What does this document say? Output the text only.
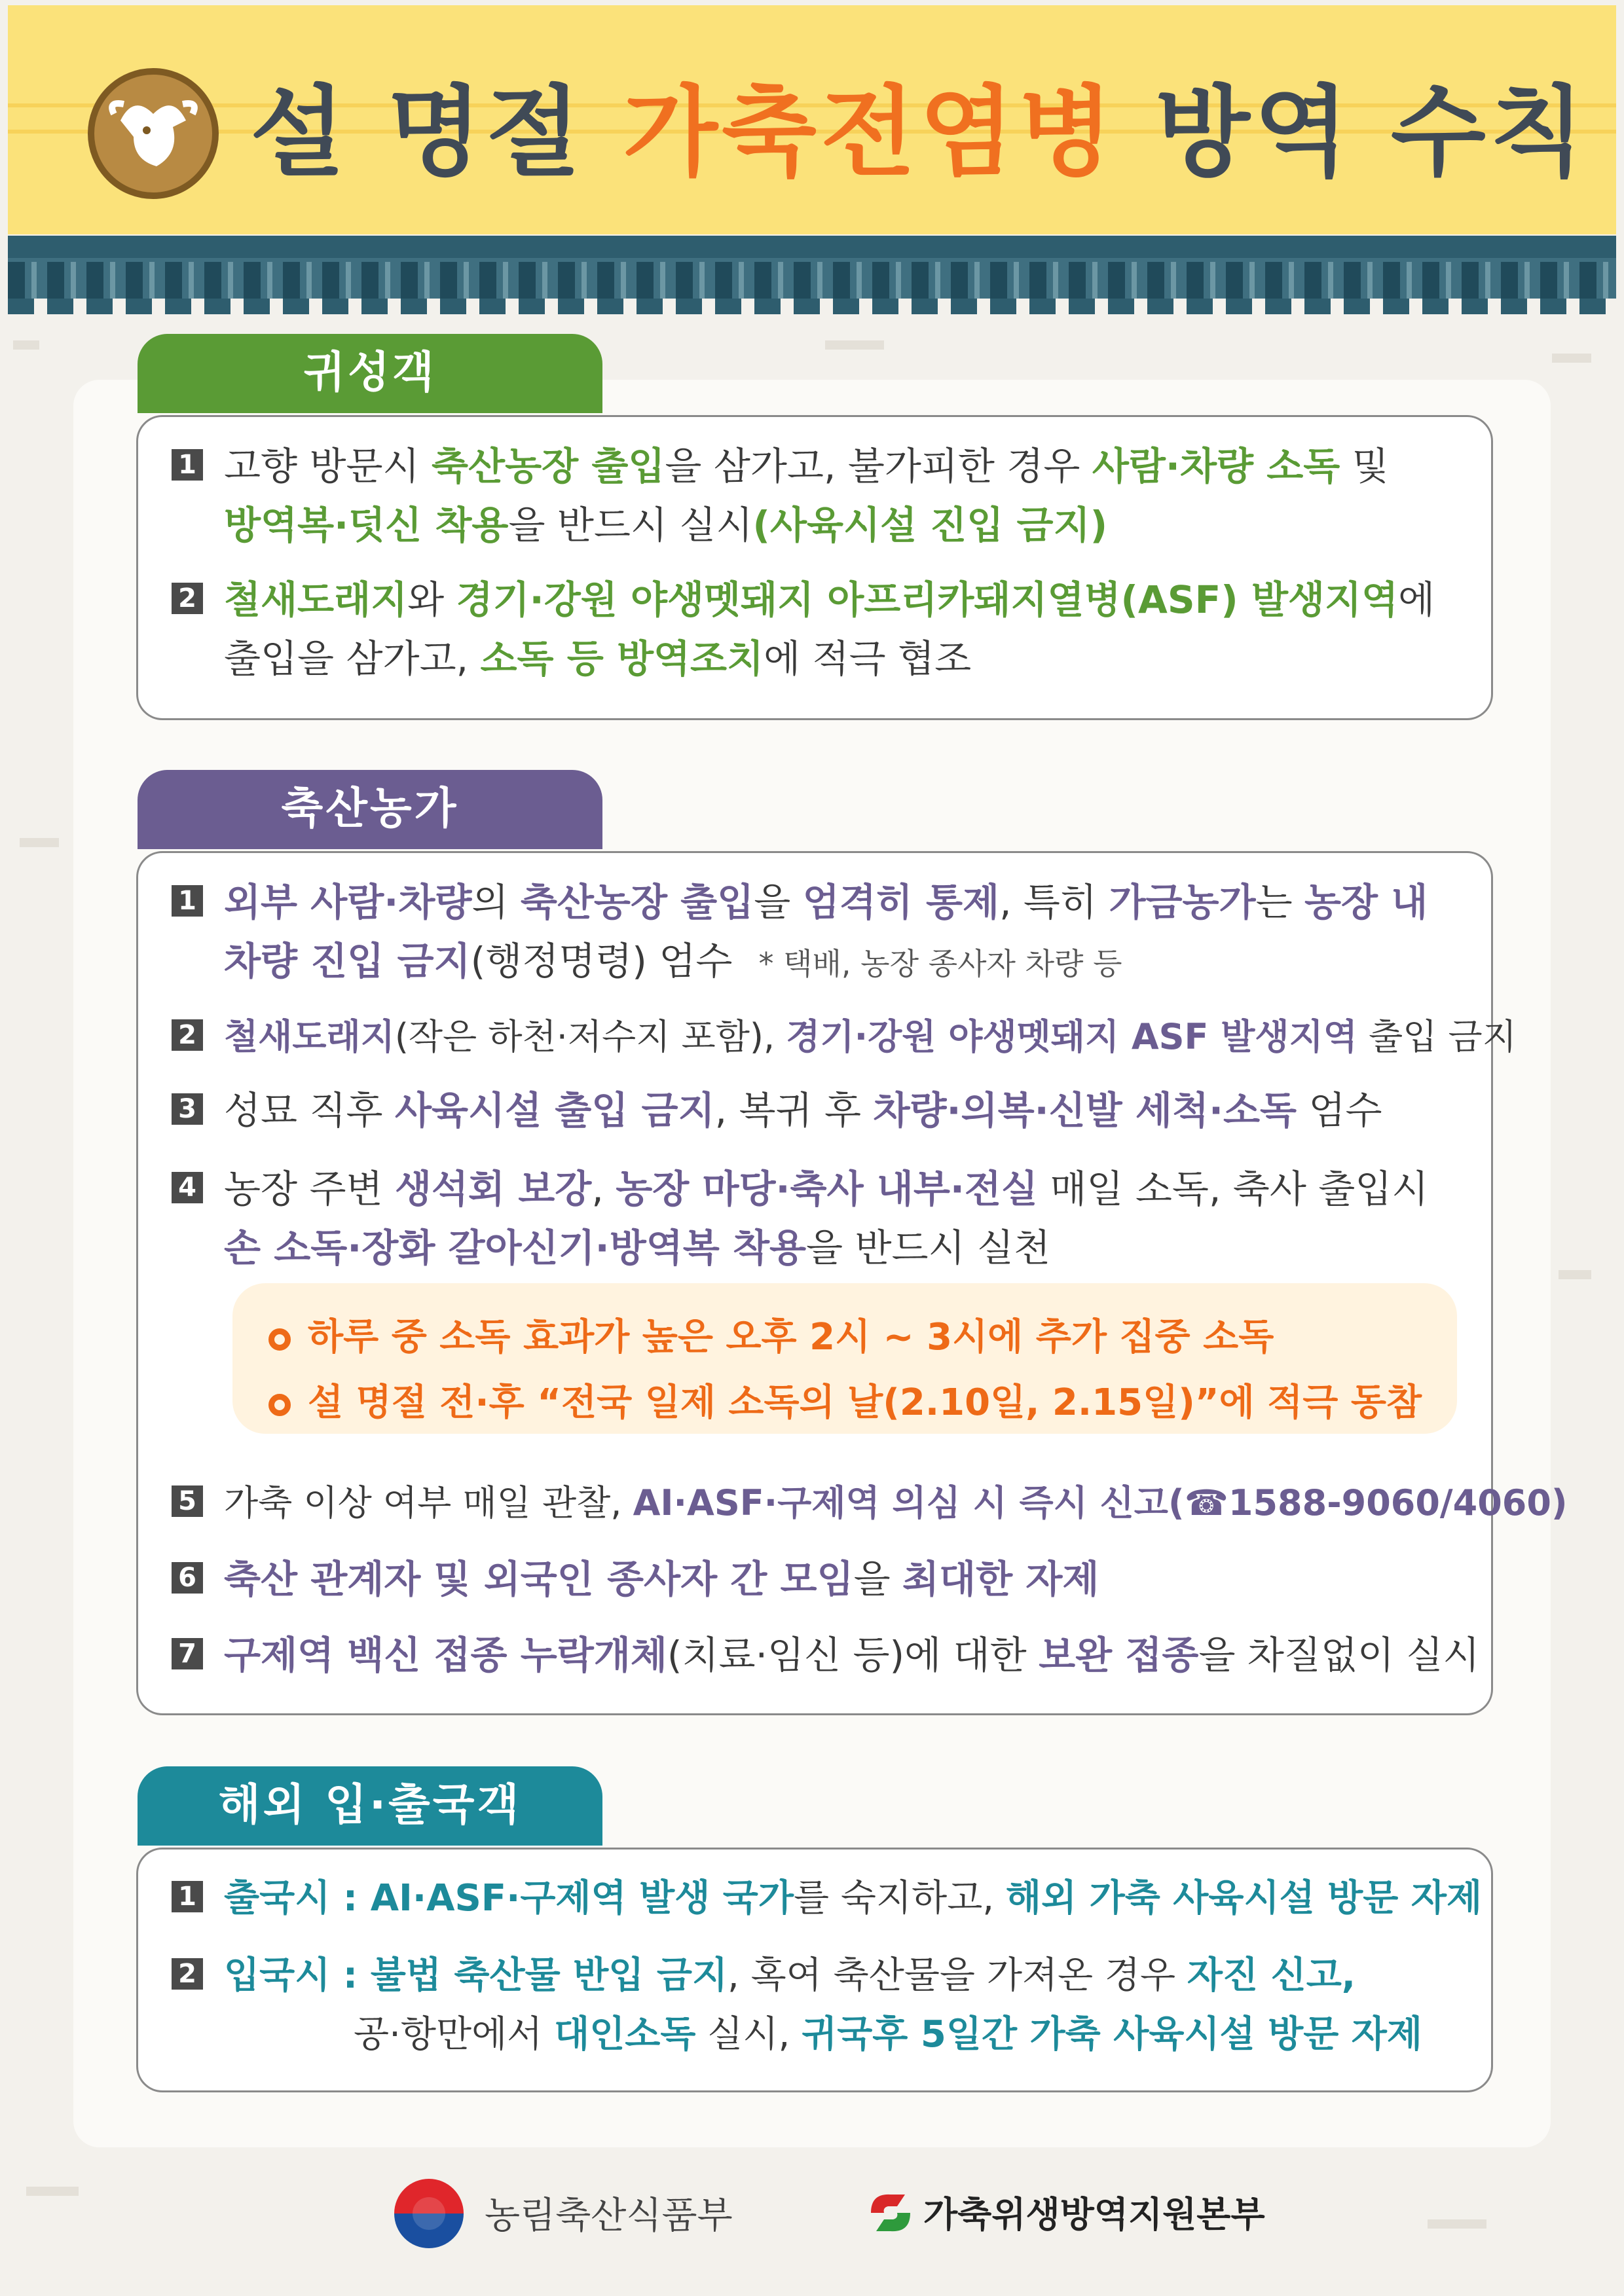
설 명절 가축전염병 방역 수칙
귀성객
1 고향 방문시 축산농장 출입을 삼가고, 불가피한 경우 사람·차량 소독 및
방역복·덧신 착용을 반드시 실시(사육시설 진입 금지)
2 철새도래지와 경기·강원 야생멧돼지 아프리카돼지열병(ASF) 발생지역에
출입을 삼가고, 소독 등 방역조치에 적극 협조
축산농가
1 외부 사람·차량의 축산농장 출입을 엄격히 통제, 특히 가금농가는 농장 내
차량 진입 금지(행정명령) 엄수 * 택배, 농장 종사자 차량 등
2 철새도래지(작은 하천·저수지 포함), 경기·강원 야생멧돼지 ASF 발생지역 출입 금지
3 성묘 직후 사육시설 출입 금지, 복귀 후 차량·의복·신발 세척·소독 엄수
4 농장 주변 생석회 보강, 농장 마당·축사 내부·전실 매일 소독, 축사 출입시
손 소독·장화 갈아신기·방역복 착용을 반드시 실천
하루 중 소독 효과가 높은 오후 2시 ~ 3시에 추가 집중 소독
설 명절 전·후 “전국 일제 소독의 날(2.10일, 2.15일)”에 적극 동참
5 가축 이상 여부 매일 관찰, AI·ASF·구제역 의심 시 즉시 신고(☎1588-9060/4060)
6 축산 관계자 및 외국인 종사자 간 모임을 최대한 자제
7 구제역 백신 접종 누락개체(치료·임신 등)에 대한 보완 접종을 차질없이 실시
해외 입·출국객
1 출국시 : AI·ASF·구제역 발생 국가를 숙지하고, 해외 가축 사육시설 방문 자제
2 입국시 : 불법 축산물 반입 금지, 혹여 축산물을 가져온 경우 자진 신고,
공·항만에서 대인소독 실시, 귀국후 5일간 가축 사육시설 방문 자제
농림축산식품부	가축위생방역지원본부
